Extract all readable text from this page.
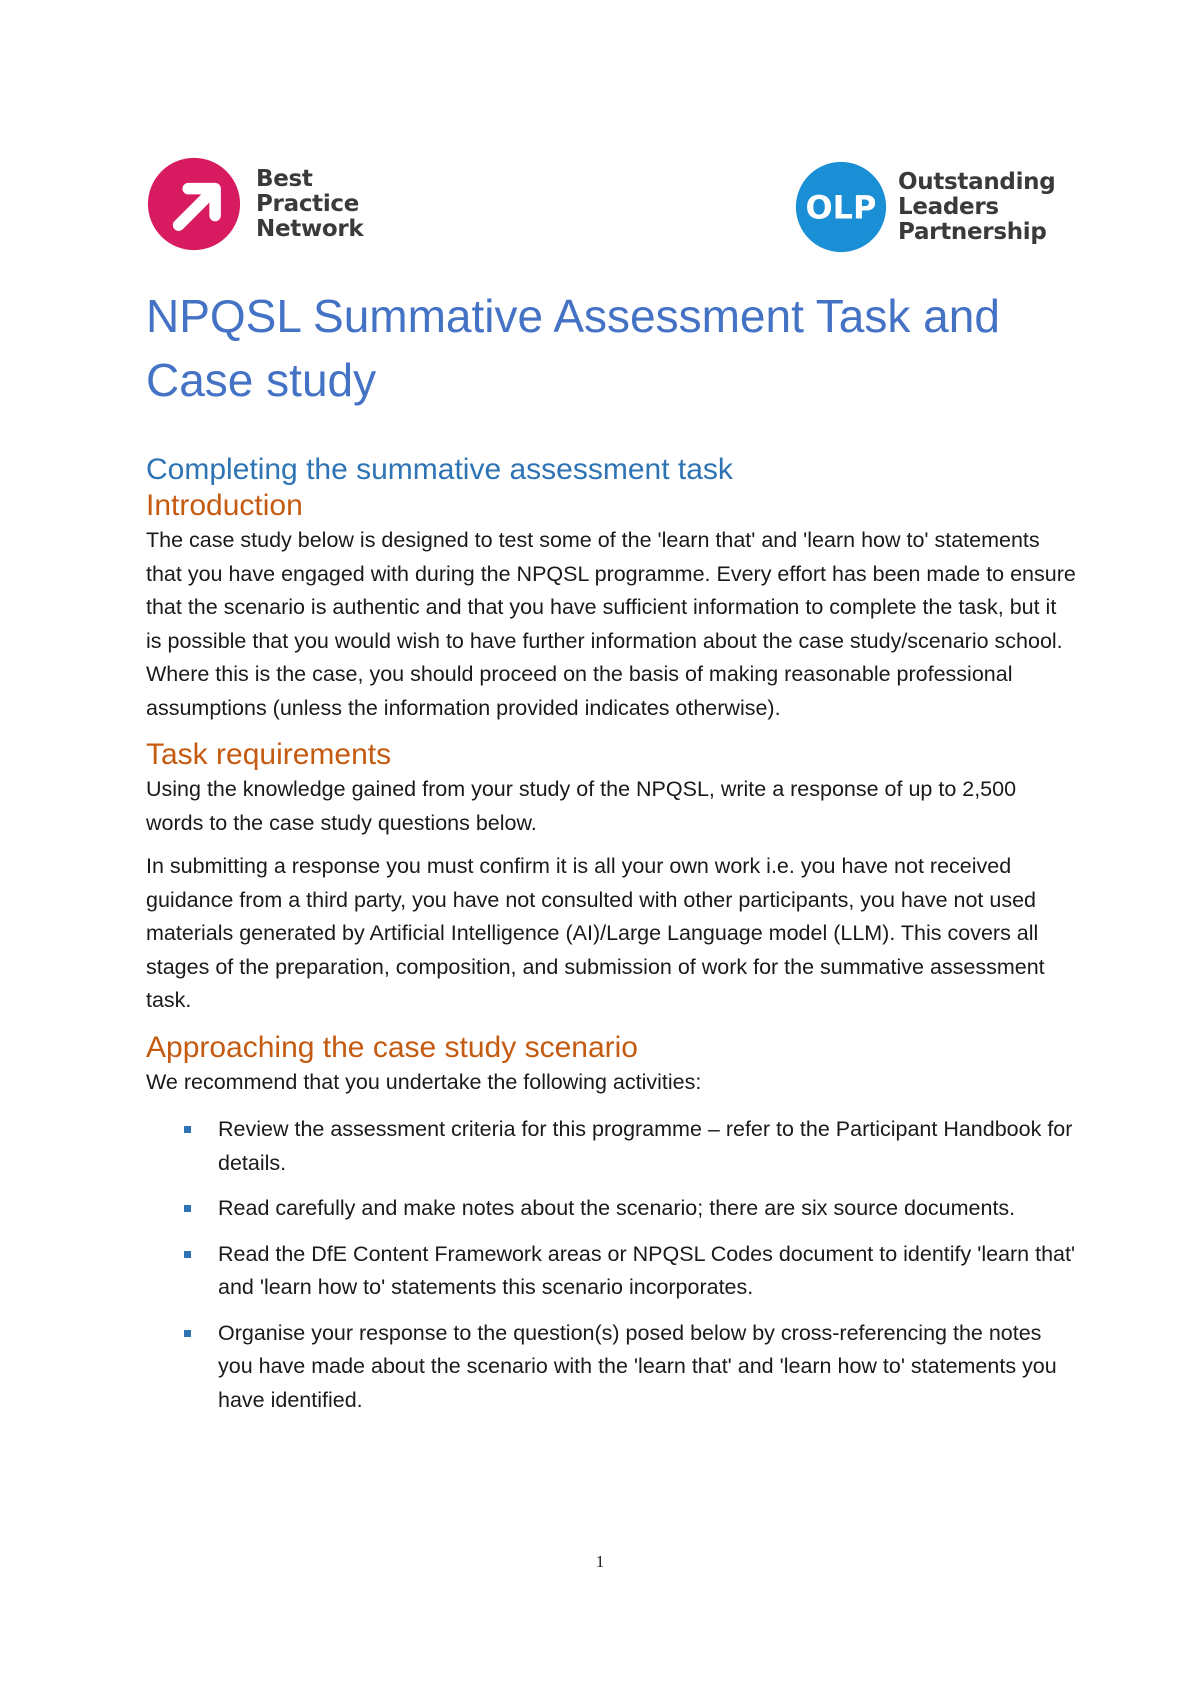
Best
Practice
Network
OLP
Outstanding
Leaders
Partnership
NPQSL Summative Assessment Task and Case study
Completing the summative assessment task
Introduction

The case study below is designed to test some of the 'learn that' and 'learn how to' statements that you have engaged with during the NPQSL programme. Every effort has been made to ensure that the scenario is authentic and that you have sufficient information to complete the task, but it is possible that you would wish to have further information about the case study/scenario school. Where this is the case, you should proceed on the basis of making reasonable professional assumptions (unless the information provided indicates otherwise).

Task requirements

Using the knowledge gained from your study of the NPQSL, write a response of up to 2,500 words to the case study questions below.

In submitting a response you must confirm it is all your own work i.e. you have not received guidance from a third party, you have not consulted with other participants, you have not used materials generated by Artificial Intelligence (AI)/Large Language model (LLM). This covers all stages of the preparation, composition, and submission of work for the summative assessment task.

Approaching the case study scenario

We recommend that you undertake the following activities:

Review the assessment criteria for this programme – refer to the Participant Handbook for details.
Read carefully and make notes about the scenario; there are six source documents.
Read the DfE Content Framework areas or NPQSL Codes document to identify 'learn that' and 'learn how to' statements this scenario incorporates.
Organise your response to the question(s) posed below by cross-referencing the notes you have made about the scenario with the 'learn that' and 'learn how to' statements you have identified.
1
